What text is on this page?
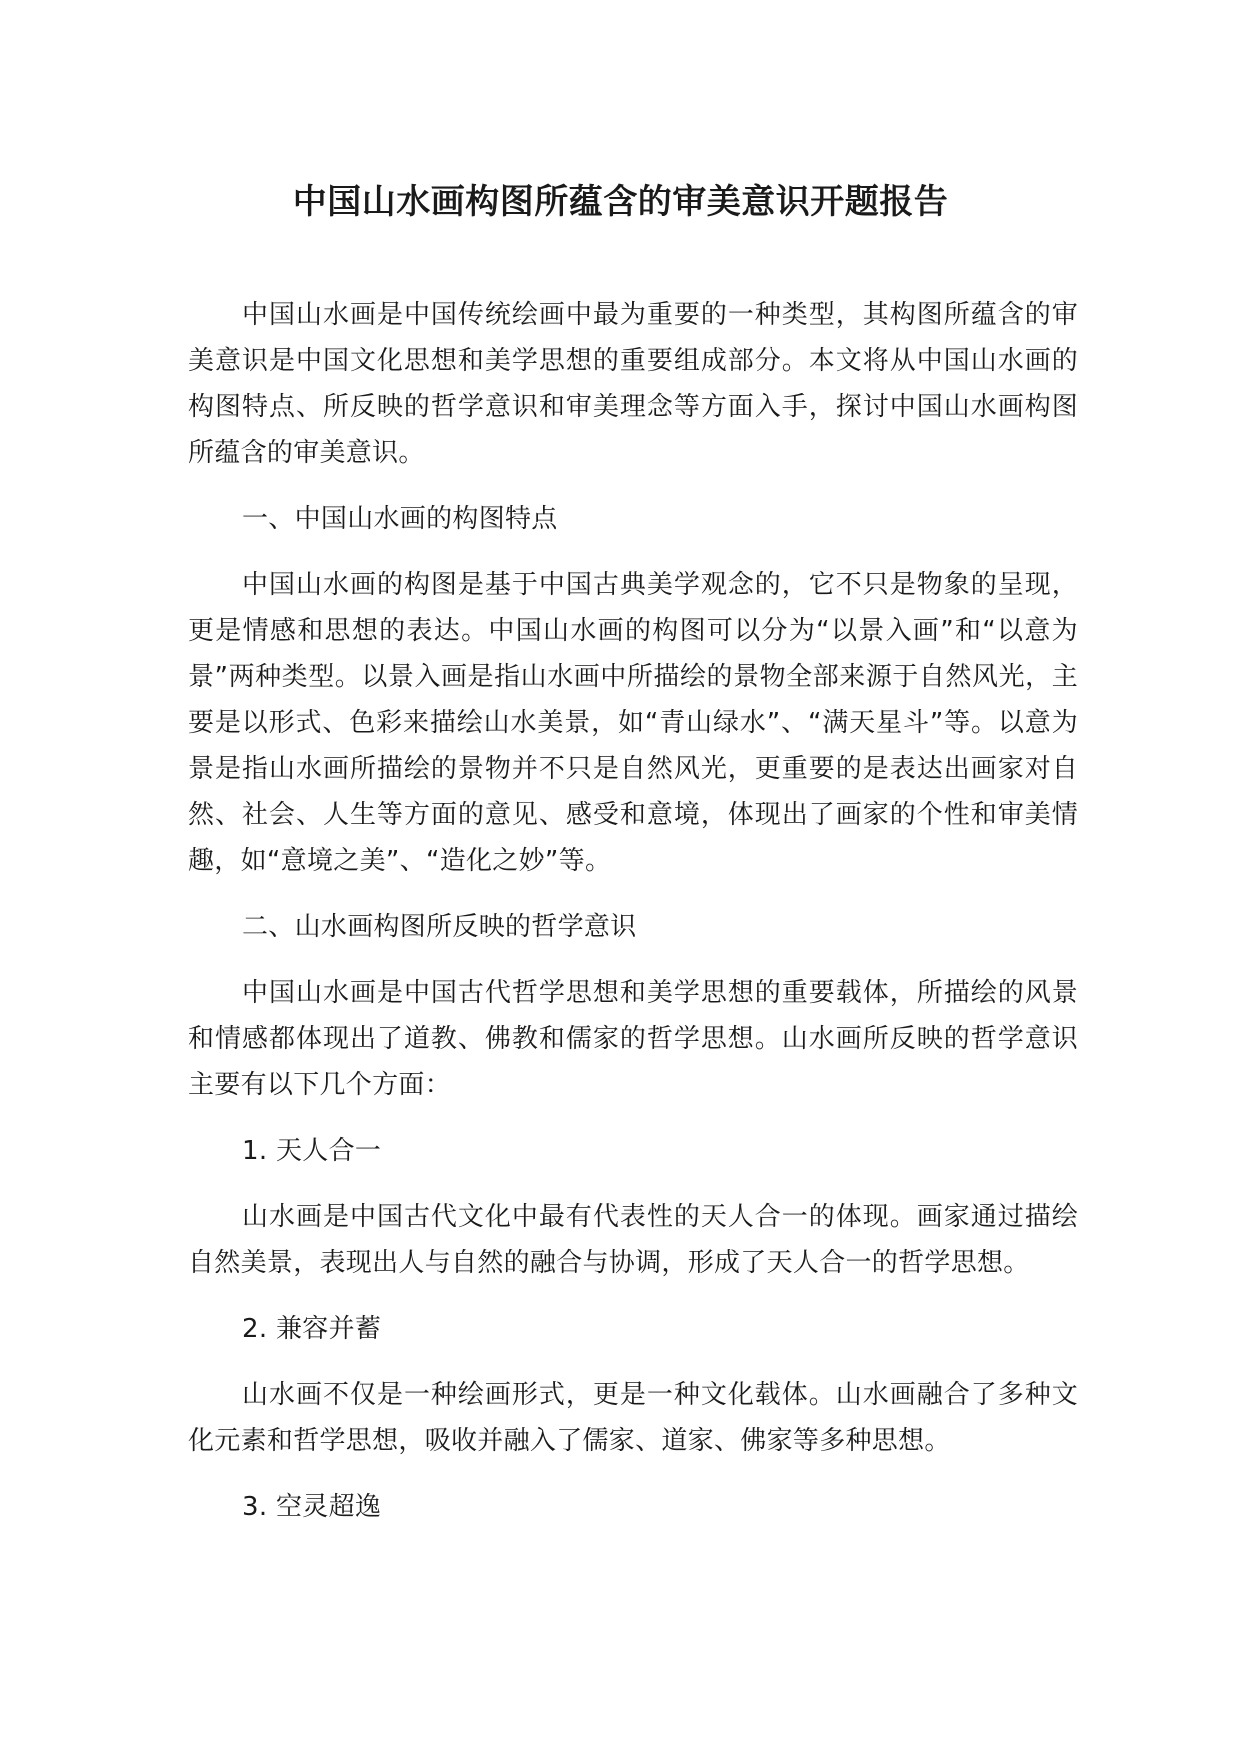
中国山水画构图所蕴含的审美意识开题报告

中国山水画是中国传统绘画中最为重要的一种类型，其构图所蕴含的审美意识是中国文化思想和美学思想的重要组成部分。本文将从中国山水画的构图特点、所反映的哲学意识和审美理念等方面入手，探讨中国山水画构图所蕴含的审美意识。

一、中国山水画的构图特点

中国山水画的构图是基于中国古典美学观念的，它不只是物象的呈现，更是情感和思想的表达。中国山水画的构图可以分为“以景入画”和“以意为景”两种类型。以景入画是指山水画中所描绘的景物全部来源于自然风光，主要是以形式、色彩来描绘山水美景，如“青山绿水”、“满天星斗”等。以意为景是指山水画所描绘的景物并不只是自然风光，更重要的是表达出画家对自然、社会、人生等方面的意见、感受和意境，体现出了画家的个性和审美情趣，如“意境之美”、“造化之妙”等。

二、山水画构图所反映的哲学意识

中国山水画是中国古代哲学思想和美学思想的重要载体，所描绘的风景和情感都体现出了道教、佛教和儒家的哲学思想。山水画所反映的哲学意识主要有以下几个方面：

1. 天人合一

山水画是中国古代文化中最有代表性的天人合一的体现。画家通过描绘自然美景，表现出人与自然的融合与协调，形成了天人合一的哲学思想。

2. 兼容并蓄

山水画不仅是一种绘画形式，更是一种文化载体。山水画融合了多种文化元素和哲学思想，吸收并融入了儒家、道家、佛家等多种思想。

3. 空灵超逸
